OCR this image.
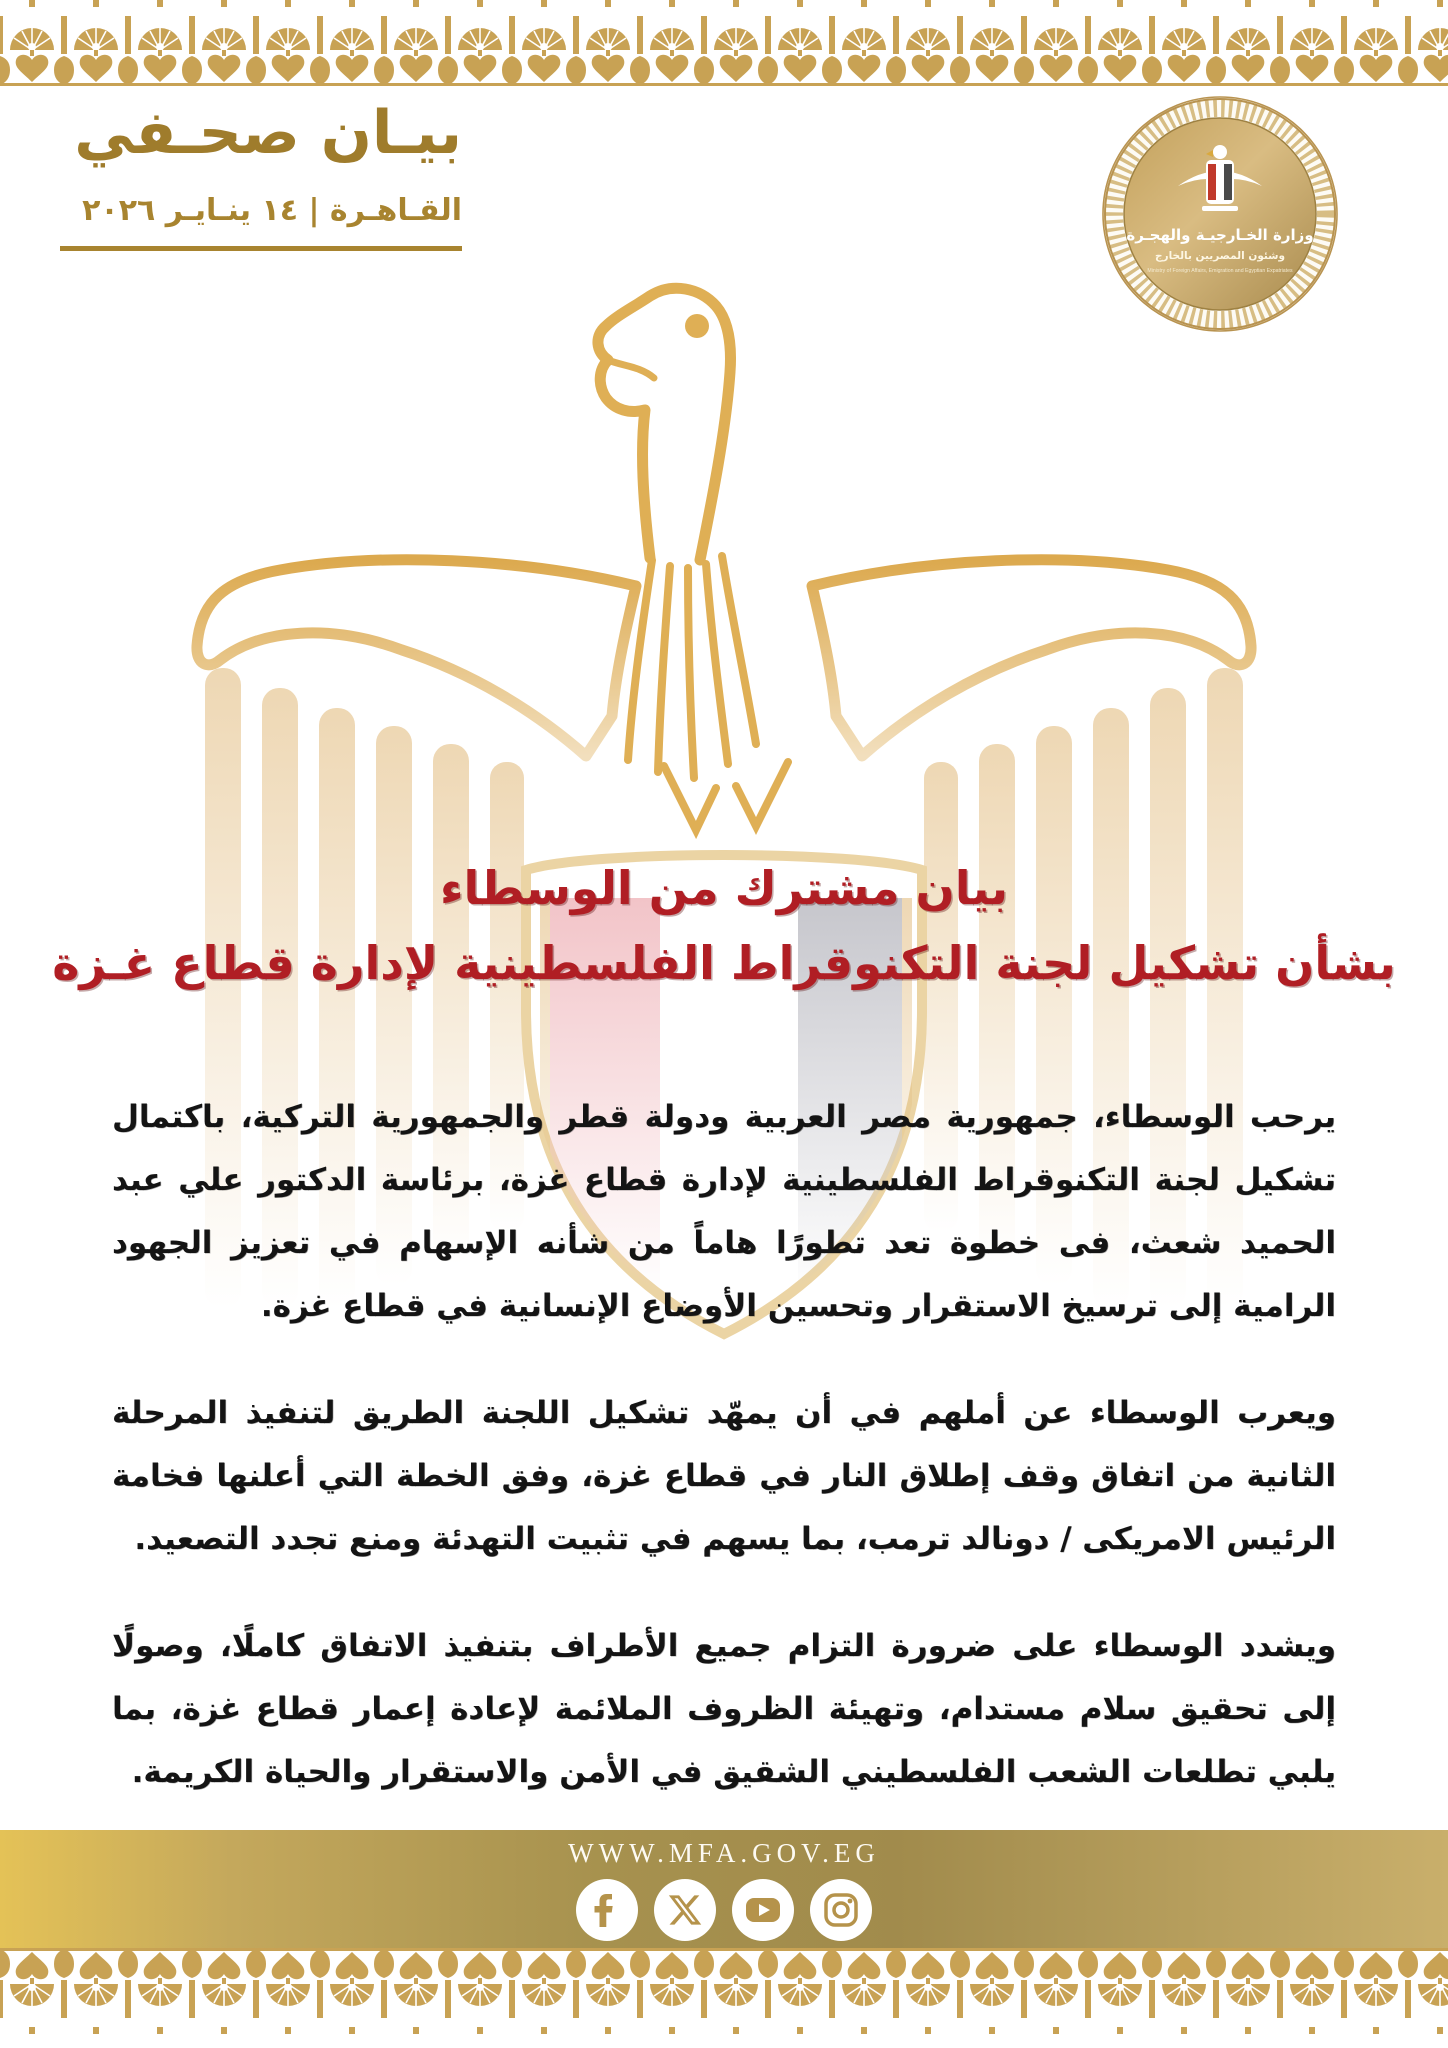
بيـان صحـفي
القـاهـرة | ١٤ ينـايـر ٢٠٢٦
وزارة الخـارجيـة والهجـرة
وشئون المصريين بالخارج
Ministry of Foreign Affairs, Emigration and Egyptian Expatriates
بيان مشترك من الوسطاء
بشأن تشكيل لجنة التكنوقراط الفلسطينية لإدارة قطاع غـزة

يرحب الوسطاء، جمهورية مصر العربية ودولة قطر والجمهورية التركية، باكتمال تشكيل لجنة التكنوقراط الفلسطينية لإدارة قطاع غزة، برئاسة الدكتور علي عبد الحميد شعث، فى خطوة تعد تطورًا هاماً من شأنه الإسهام في تعزيز الجهود الرامية إلى ترسيخ الاستقرار وتحسين الأوضاع الإنسانية في قطاع غزة.

ويعرب الوسطاء عن أملهم في أن يمهّد تشكيل اللجنة الطريق لتنفيذ المرحلة الثانية من اتفاق وقف إطلاق النار في قطاع غزة، وفق الخطة التي أعلنها فخامة الرئيس الامريكى / دونالد ترمب، بما يسهم في تثبيت التهدئة ومنع تجدد التصعيد.

ويشدد الوسطاء على ضرورة التزام جميع الأطراف بتنفيذ الاتفاق كاملًا، وصولًا إلى تحقيق سلام مستدام، وتهيئة الظروف الملائمة لإعادة إعمار قطاع غزة، بما يلبي تطلعات الشعب الفلسطيني الشقيق في الأمن والاستقرار والحياة الكريمة.

WWW.MFA.GOV.EG
